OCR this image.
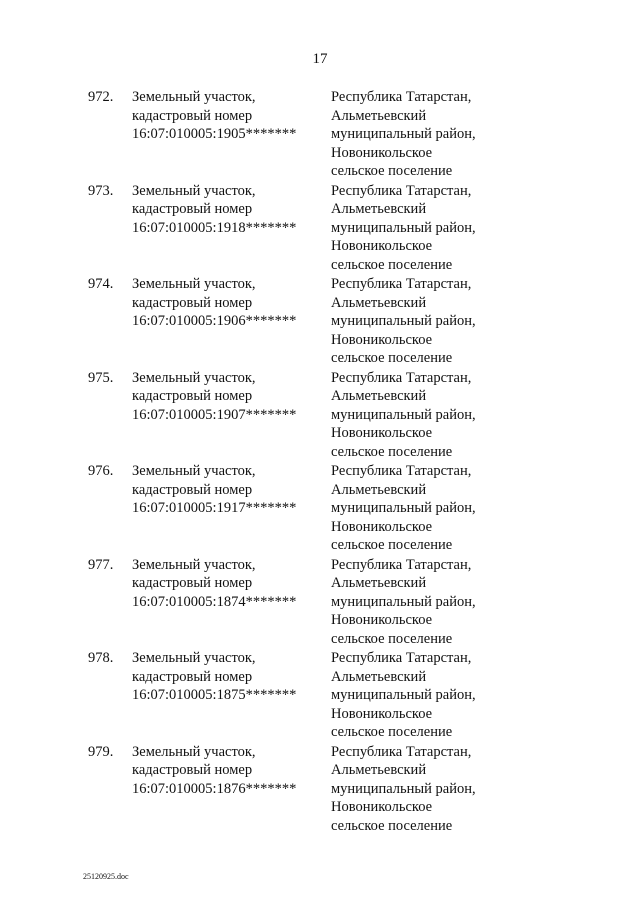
17
972. Земельный участок,
кадастровый номер
16:07:010005:1905*******
Республика Татарстан,
Альметьевский
муниципальный район,
Новоникольское
сельское поселение
973. Земельный участок,
кадастровый номер
16:07:010005:1918*******
Республика Татарстан,
Альметьевский
муниципальный район,
Новоникольское
сельское поселение
974. Земельный участок,
кадастровый номер
16:07:010005:1906*******
Республика Татарстан,
Альметьевский
муниципальный район,
Новоникольское
сельское поселение
975. Земельный участок,
кадастровый номер
16:07:010005:1907*******
Республика Татарстан,
Альметьевский
муниципальный район,
Новоникольское
сельское поселение
976. Земельный участок,
кадастровый номер
16:07:010005:1917*******
Республика Татарстан,
Альметьевский
муниципальный район,
Новоникольское
сельское поселение
977. Земельный участок,
кадастровый номер
16:07:010005:1874*******
Республика Татарстан,
Альметьевский
муниципальный район,
Новоникольское
сельское поселение
978. Земельный участок,
кадастровый номер
16:07:010005:1875*******
Республика Татарстан,
Альметьевский
муниципальный район,
Новоникольское
сельское поселение
979. Земельный участок,
кадастровый номер
16:07:010005:1876*******
Республика Татарстан,
Альметьевский
муниципальный район,
Новоникольское
сельское поселение
25120925.doc
